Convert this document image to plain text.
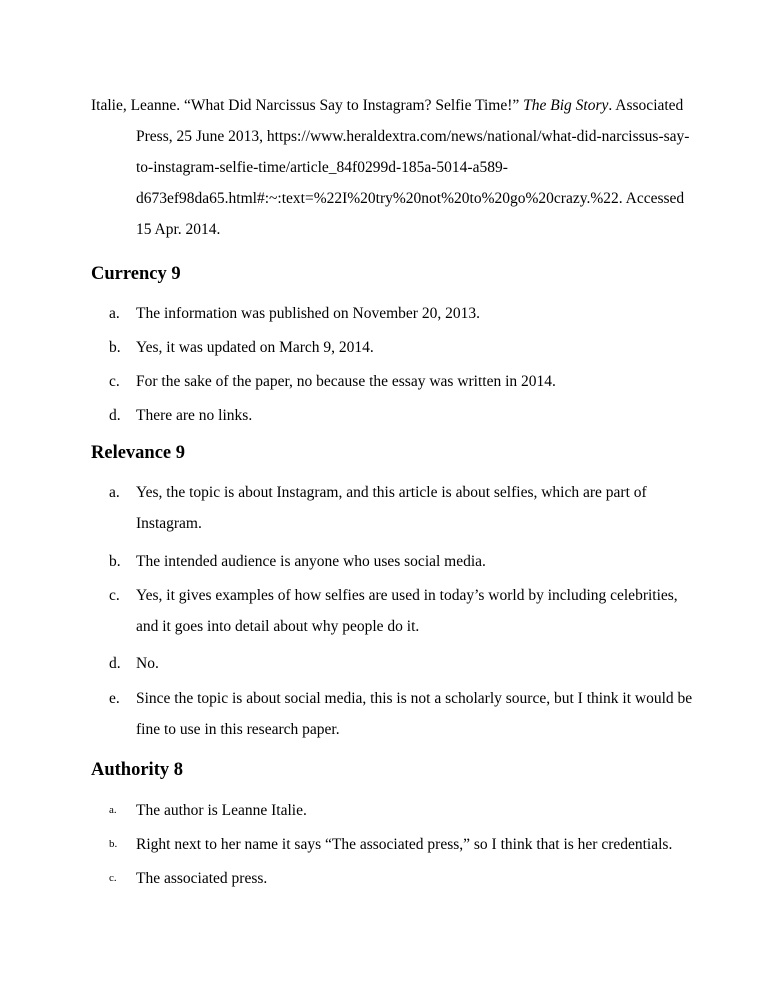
Italie, Leanne. “What Did Narcissus Say to Instagram? Selfie Time!” The Big Story. Associated
Press, 25 June 2013, https://www.heraldextra.com/news/national/what-did-narcissus-say-
to-instagram-selfie-time/article_84f0299d-185a-5014-a589-
d673ef98da65.html#:~:text=%22I%20try%20not%20to%20go%20crazy.%22. Accessed
15 Apr. 2014.
Currency 9
a.	The information was published on November 20, 2013.
b. Yes, it was updated on March 9, 2014.
c.	For the sake of the paper, no because the essay was written in 2014.
d. There are no links.
Relevance 9
a.	Yes, the topic is about Instagram, and this article is about selfies, which are part of
Instagram.
b. The intended audience is anyone who uses social media.
c.	Yes, it gives examples of how selfies are used in today’s world by including celebrities,
and it goes into detail about why people do it.
d. No.
e.	Since the topic is about social media, this is not a scholarly source, but I think it would be
fine to use in this research paper.
Authority 8
a.	The author is Leanne Italie.
b.	Right next to her name it says “The associated press,” so I think that is her credentials.
c.	The associated press.
